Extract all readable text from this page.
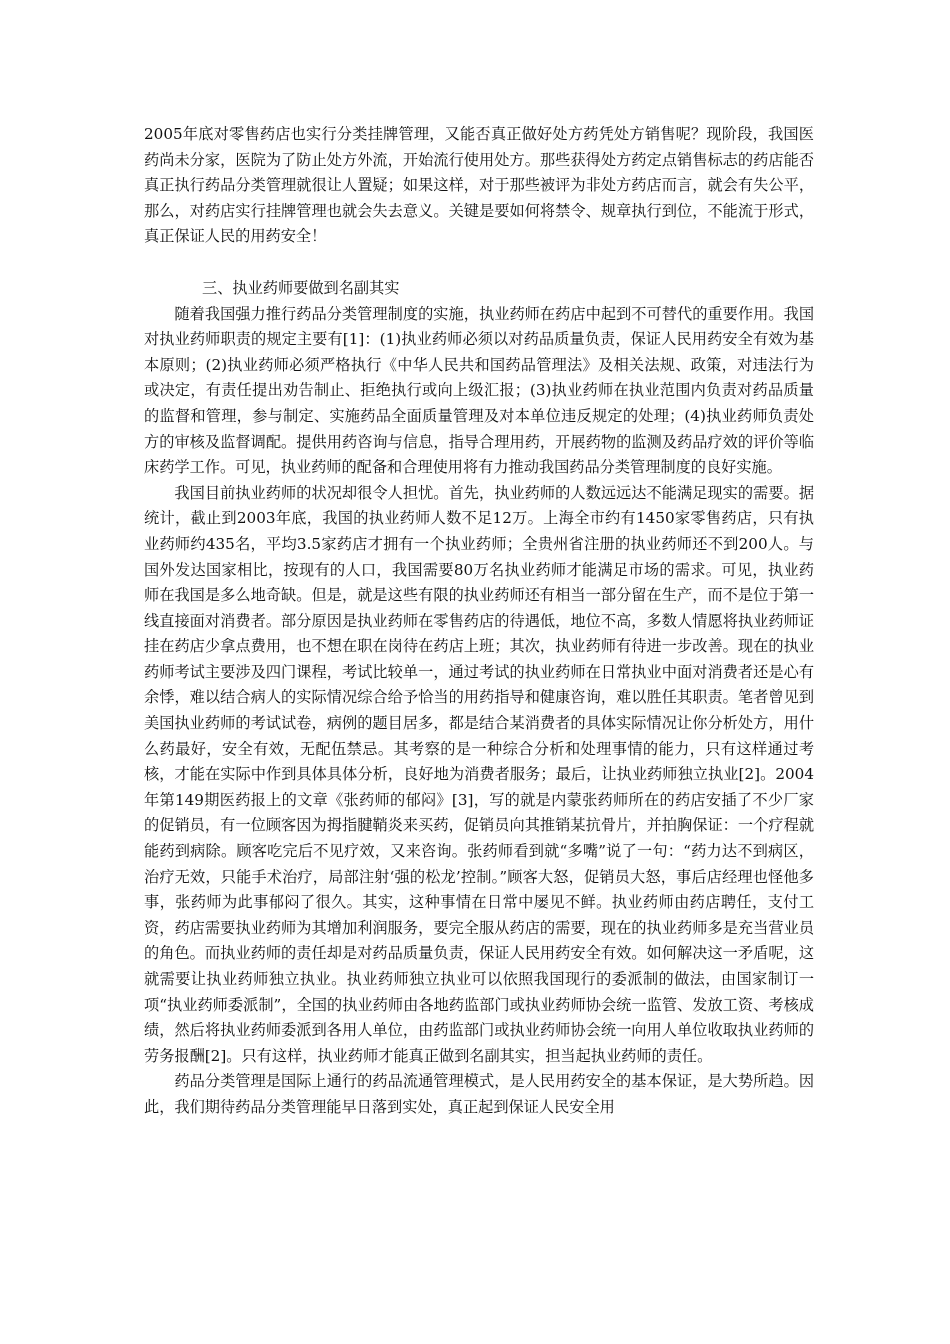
2005年底对零售药店也实行分类挂牌管理，又能否真正做好处方药凭处方销售呢？现阶段，我国医药尚未分家，医院为了防止处方外流，开始流行使用处方。那些获得处方药定点销售标志的药店能否真正执行药品分类管理就很让人置疑；如果这样，对于那些被评为非处方药店而言，就会有失公平，那么，对药店实行挂牌管理也就会失去意义。关键是要如何将禁令、规章执行到位，不能流于形式，真正保证人民的用药安全！

三、执业药师要做到名副其实

随着我国强力推行药品分类管理制度的实施，执业药师在药店中起到不可替代的重要作用。我国对执业药师职责的规定主要有[1]：(1)执业药师必须以对药品质量负责，保证人民用药安全有效为基本原则；(2)执业药师必须严格执行《中华人民共和国药品管理法》及相关法规、政策，对违法行为或决定，有责任提出劝告制止、拒绝执行或向上级汇报；(3)执业药师在执业范围内负责对药品质量的监督和管理，参与制定、实施药品全面质量管理及对本单位违反规定的处理；(4)执业药师负责处方的审核及监督调配。提供用药咨询与信息，指导合理用药，开展药物的监测及药品疗效的评价等临床药学工作。可见，执业药师的配备和合理使用将有力推动我国药品分类管理制度的良好实施。

我国目前执业药师的状况却很令人担忧。首先，执业药师的人数远远达不能满足现实的需要。据统计，截止到2003年底，我国的执业药师人数不足12万。上海全市约有1450家零售药店，只有执业药师约435名，平均3.5家药店才拥有一个执业药师；全贵州省注册的执业药师还不到200人。与国外发达国家相比，按现有的人口，我国需要80万名执业药师才能满足市场的需求。可见，执业药师在我国是多么地奇缺。但是，就是这些有限的执业药师还有相当一部分留在生产，而不是位于第一线直接面对消费者。部分原因是执业药师在零售药店的待遇低，地位不高，多数人情愿将执业药师证挂在药店少拿点费用，也不想在职在岗待在药店上班；其次，执业药师有待进一步改善。现在的执业药师考试主要涉及四门课程，考试比较单一，通过考试的执业药师在日常执业中面对消费者还是心有余悸，难以结合病人的实际情况综合给予恰当的用药指导和健康咨询，难以胜任其职责。笔者曾见到美国执业药师的考试试卷，病例的题目居多，都是结合某消费者的具体实际情况让你分析处方，用什么药最好，安全有效，无配伍禁忌。其考察的是一种综合分析和处理事情的能力，只有这样通过考核，才能在实际中作到具体具体分析，良好地为消费者服务；最后，让执业药师独立执业[2]。2004年第149期医药报上的文章《张药师的郁闷》[3]，写的就是内蒙张药师所在的药店安插了不少厂家的促销员，有一位顾客因为拇指腱鞘炎来买药，促销员向其推销某抗骨片，并拍胸保证：一个疗程就能药到病除。顾客吃完后不见疗效，又来咨询。张药师看到就“多嘴”说了一句：“药力达不到病区，治疗无效，只能手术治疗，局部注射‘强的松龙’控制。”顾客大怒，促销员大怒，事后店经理也怪他多事，张药师为此事郁闷了很久。其实，这种事情在日常中屡见不鲜。执业药师由药店聘任，支付工资，药店需要执业药师为其增加利润服务，要完全服从药店的需要，现在的执业药师多是充当营业员的角色。而执业药师的责任却是对药品质量负责，保证人民用药安全有效。如何解决这一矛盾呢，这就需要让执业药师独立执业。执业药师独立执业可以依照我国现行的委派制的做法，由国家制订一项“执业药师委派制”，全国的执业药师由各地药监部门或执业药师协会统一监管、发放工资、考核成绩，然后将执业药师委派到各用人单位，由药监部门或执业药师协会统一向用人单位收取执业药师的劳务报酬[2]。只有这样，执业药师才能真正做到名副其实，担当起执业药师的责任。

药品分类管理是国际上通行的药品流通管理模式，是人民用药安全的基本保证，是大势所趋。因此，我们期待药品分类管理能早日落到实处，真正起到保证人民安全用
